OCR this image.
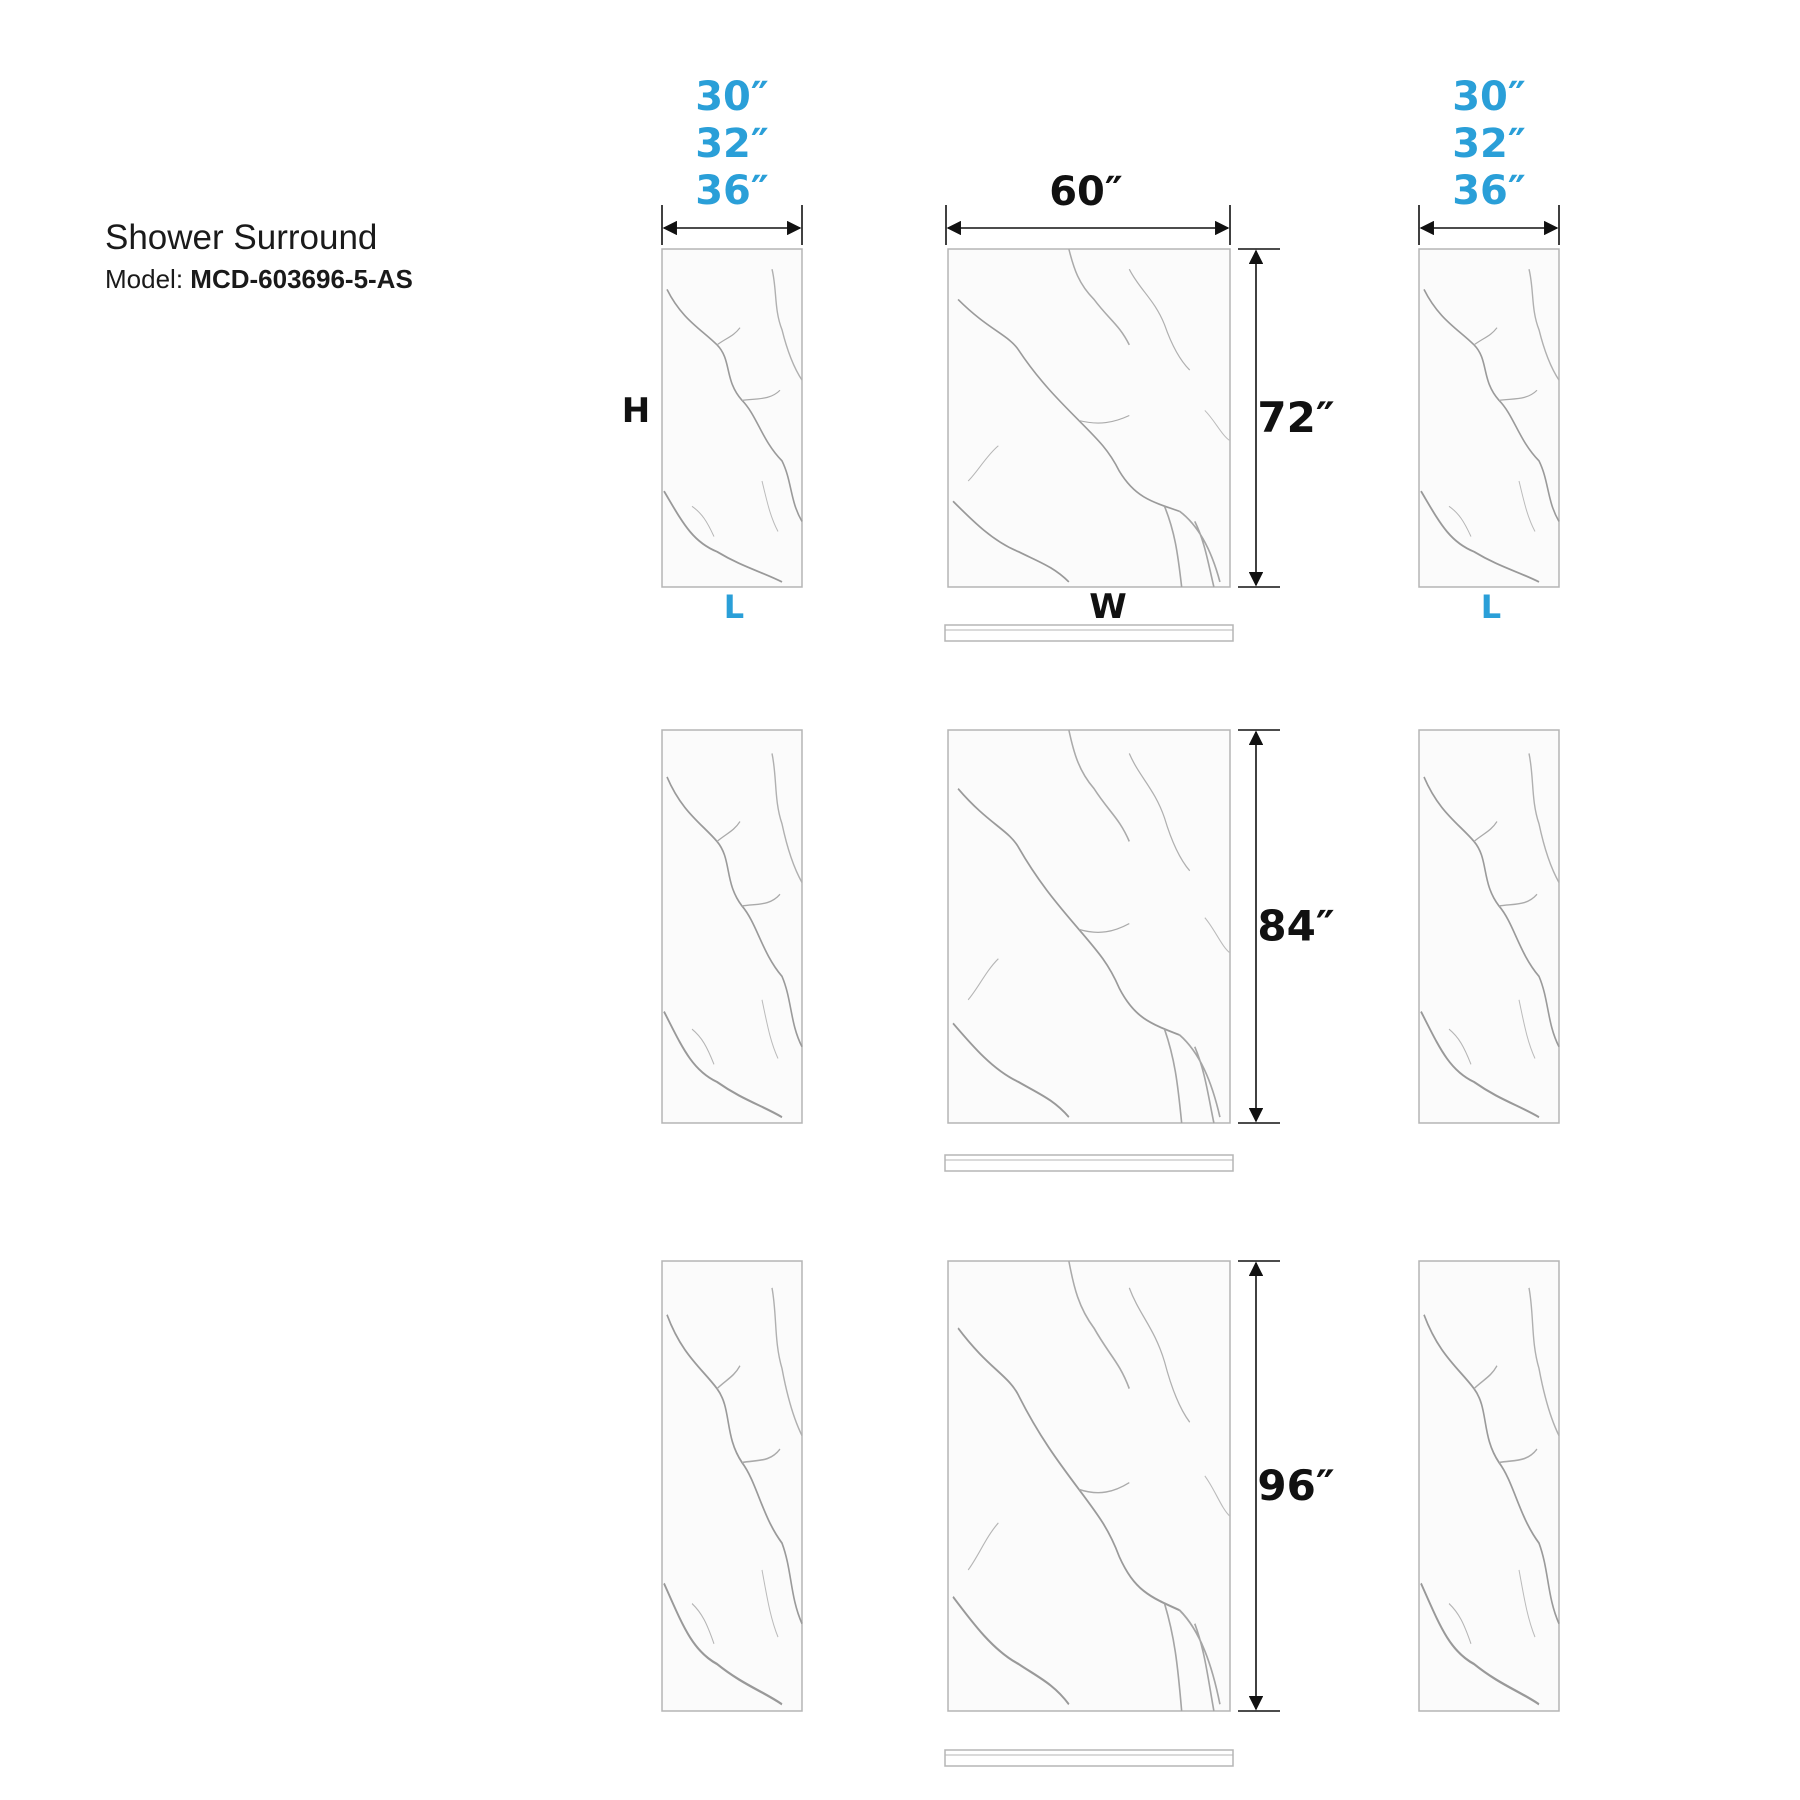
Shower Surround
Model: MCD-603696-5-AS
30″
32″
36″
30″
32″
36″
60″
72″
84″
96″
H
L	L
W
